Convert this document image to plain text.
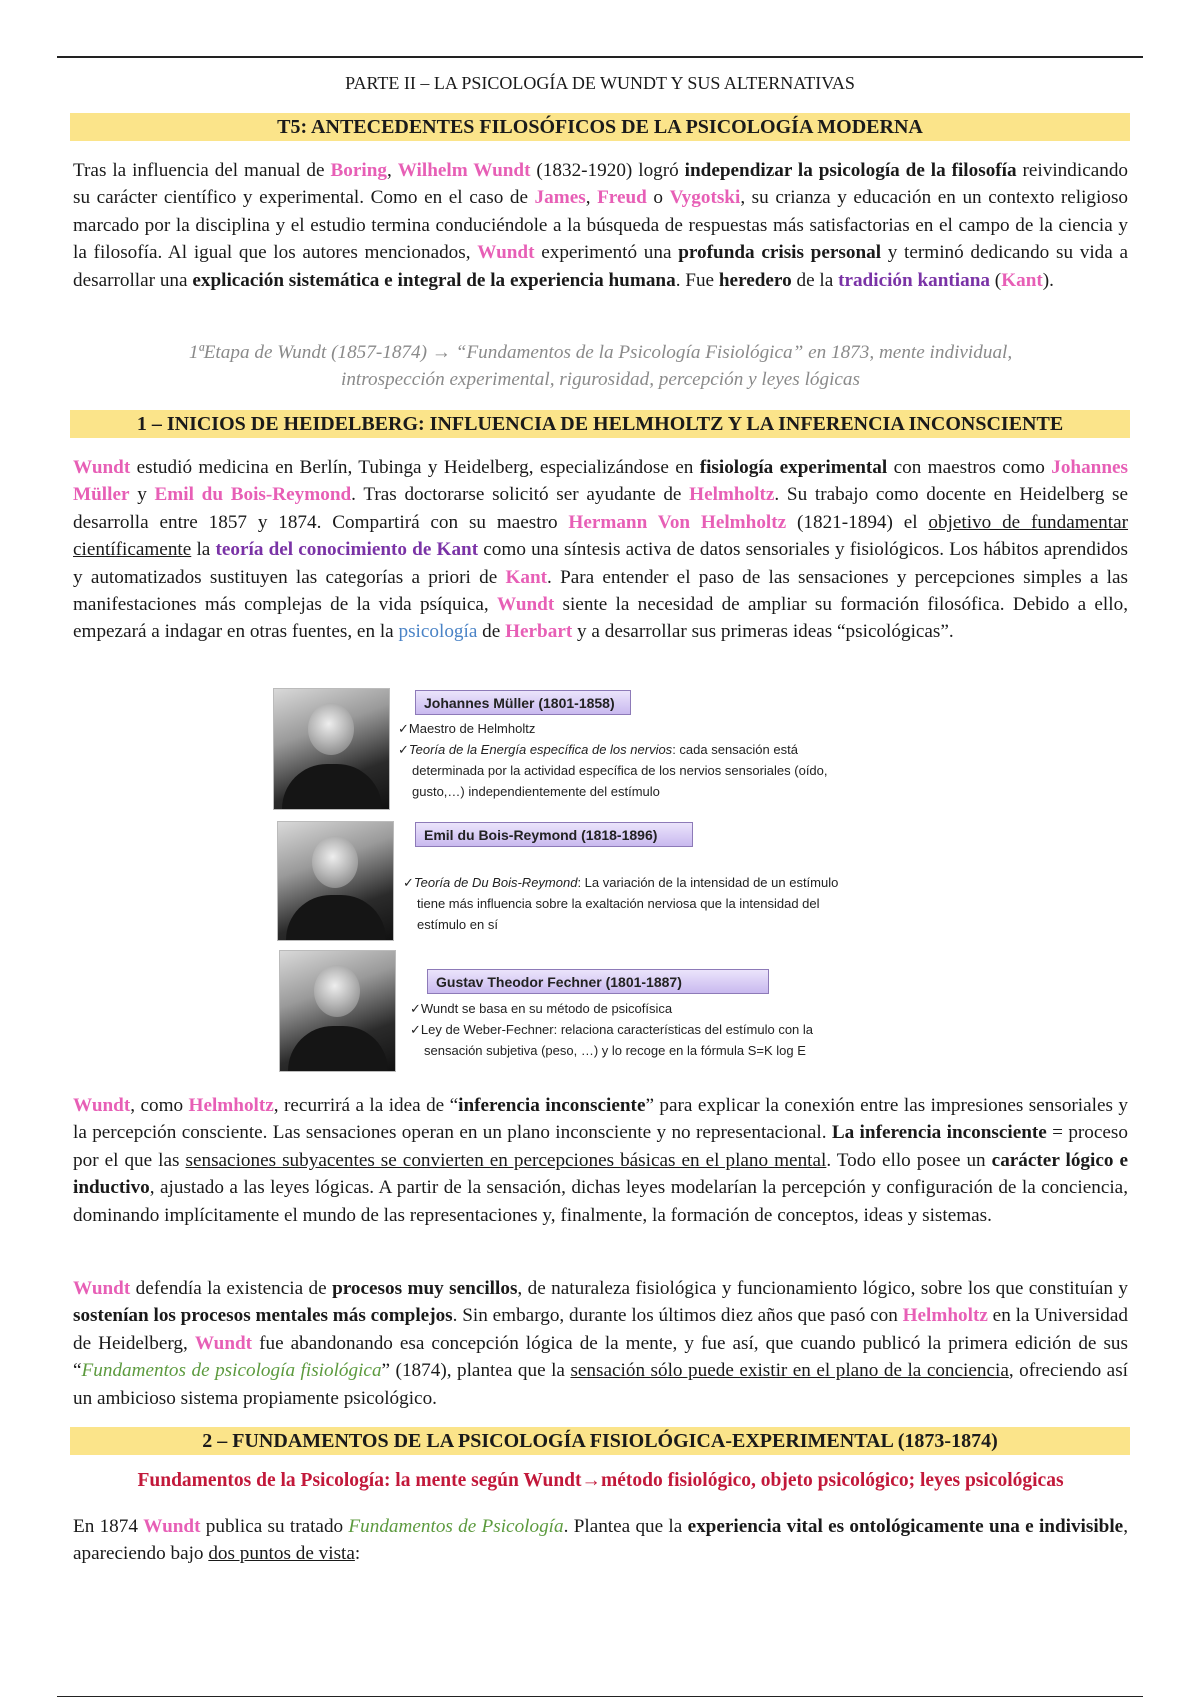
PARTE II – LA PSICOLOGÍA DE WUNDT Y SUS ALTERNATIVAS
T5: ANTECEDENTES FILOSÓFICOS DE LA PSICOLOGÍA MODERNA

Tras la influencia del manual de Boring, Wilhelm Wundt (1832-1920) logró independizar la psicología de la filosofía reivindicando su carácter científico y experimental. Como en el caso de James, Freud o Vygotski, su crianza y educación en un contexto religioso marcado por la disciplina y el estudio termina conduciéndole a la búsqueda de respuestas más satisfactorias en el campo de la ciencia y la filosofía. Al igual que los autores mencionados, Wundt experimentó una profunda crisis personal y terminó dedicando su vida a desarrollar una explicación sistemática e integral de la experiencia humana. Fue heredero de la tradición kantiana (Kant).

1ªEtapa de Wundt (1857-1874) → “Fundamentos de la Psicología Fisiológica” en 1873, mente individual,
introspección experimental, rigurosidad, percepción y leyes lógicas
1 – INICIOS DE HEIDELBERG: INFLUENCIA DE HELMHOLTZ Y LA INFERENCIA INCONSCIENTE

Wundt estudió medicina en Berlín, Tubinga y Heidelberg, especializándose en fisiología experimental con maestros como Johannes Müller y Emil du Bois-Reymond. Tras doctorarse solicitó ser ayudante de Helmholtz. Su trabajo como docente en Heidelberg se desarrolla entre 1857 y 1874. Compartirá con su maestro Hermann Von Helmholtz (1821-1894) el objetivo de fundamentar científicamente la teoría del conocimiento de Kant como una síntesis activa de datos sensoriales y fisiológicos. Los hábitos aprendidos y automatizados sustituyen las categorías a priori de Kant. Para entender el paso de las sensaciones y percepciones simples a las manifestaciones más complejas de la vida psíquica, Wundt siente la necesidad de ampliar su formación filosófica. Debido a ello, empezará a indagar en otras fuentes, en la psicología de Herbart y a desarrollar sus primeras ideas “psicológicas”.

Johannes Müller (1801-1858)
✓Maestro de Helmholtz
✓Teoría de la Energía específica de los nervios: cada sensación está
determinada por la actividad específica de los nervios sensoriales (oído,
gusto,…) independientemente del estímulo
Emil du Bois-Reymond (1818-1896)
✓Teoría de Du Bois-Reymond: La variación de la intensidad de un estímulo
tiene más influencia sobre la exaltación nerviosa que la intensidad del
estímulo en sí
Gustav Theodor Fechner (1801-1887)
✓Wundt se basa en su método de psicofísica
✓Ley de Weber-Fechner: relaciona características del estímulo con la
sensación subjetiva (peso, …) y lo recoge en la fórmula S=K log E

Wundt, como Helmholtz, recurrirá a la idea de “inferencia inconsciente” para explicar la conexión entre las impresiones sensoriales y la percepción consciente. Las sensaciones operan en un plano inconsciente y no representacional. La inferencia inconsciente = proceso por el que las sensaciones subyacentes se convierten en percepciones básicas en el plano mental. Todo ello posee un carácter lógico e inductivo, ajustado a las leyes lógicas. A partir de la sensación, dichas leyes modelarían la percepción y configuración de la conciencia, dominando implícitamente el mundo de las representaciones y, finalmente, la formación de conceptos, ideas y sistemas.

Wundt defendía la existencia de procesos muy sencillos, de naturaleza fisiológica y funcionamiento lógico, sobre los que constituían y sostenían los procesos mentales más complejos. Sin embargo, durante los últimos diez años que pasó con Helmholtz en la Universidad de Heidelberg, Wundt fue abandonando esa concepción lógica de la mente, y fue así, que cuando publicó la primera edición de sus “Fundamentos de psicología fisiológica” (1874), plantea que la sensación sólo puede existir en el plano de la conciencia, ofreciendo así un ambicioso sistema propiamente psicológico.

2 – FUNDAMENTOS DE LA PSICOLOGÍA FISIOLÓGICA-EXPERIMENTAL (1873-1874)
Fundamentos de la Psicología: la mente según Wundt→método fisiológico, objeto psicológico; leyes psicológicas

En 1874 Wundt publica su tratado Fundamentos de Psicología. Plantea que la experiencia vital es ontológicamente una e indivisible, apareciendo bajo dos puntos de vista:
